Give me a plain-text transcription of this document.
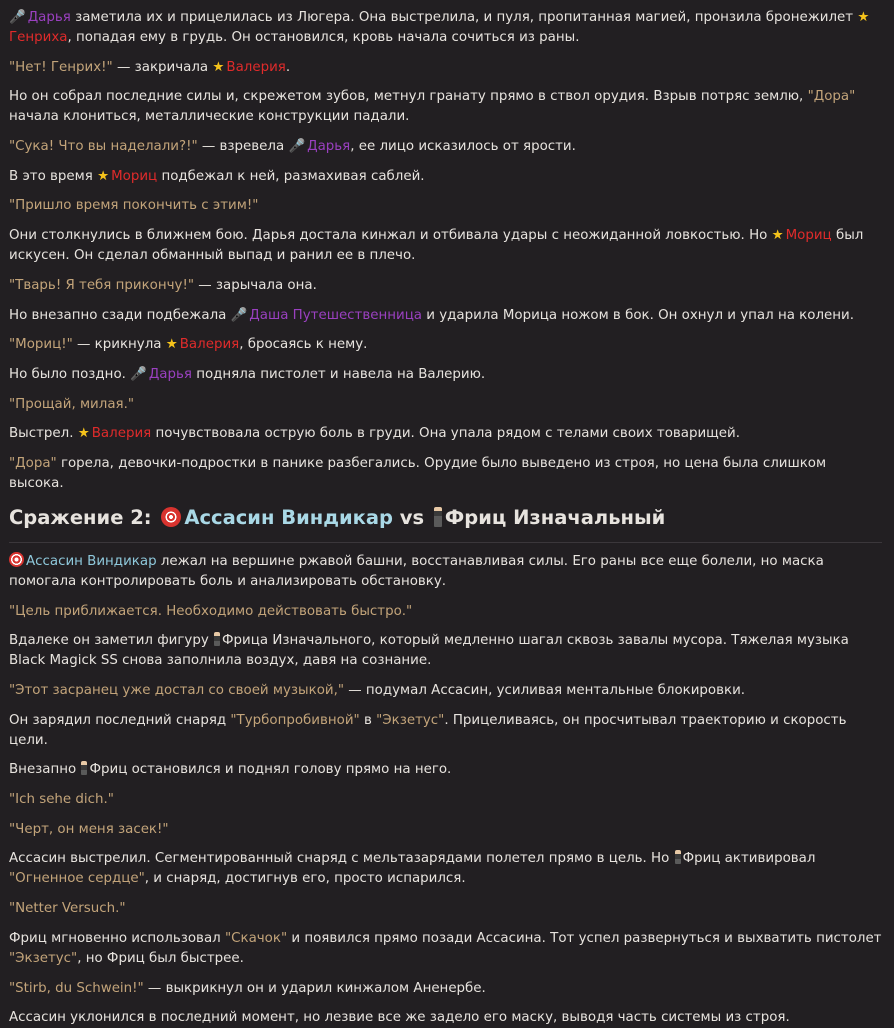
🎤 Дарья заметила их и прицелилась из Люгера. Она выстрелила, и пуля, пропитанная магией, пронзила бронежилет ★Генриха, попадая ему в грудь. Он остановился, кровь начала сочиться из раны.

"Нет! Генрих!" — закричала ★ Валерия.

Но он собрал последние силы и, скрежетом зубов, метнул гранату прямо в ствол орудия. Взрыв потряс землю, "Дора" начала клониться, металлические конструкции падали.

"Сука! Что вы наделали?!" — взревела 🎤 Дарья, ее лицо исказилось от ярости.

В это время ★ Мориц подбежал к ней, размахивая саблей.

"Пришло время покончить с этим!"

Они столкнулись в ближнем бою. Дарья достала кинжал и отбивала удары с неожиданной ловкостью. Но ★ Мориц был искусен. Он сделал обманный выпад и ранил ее в плечо.

"Тварь! Я тебя прикончу!" — зарычала она.

Но внезапно сзади подбежала 🎤 Даша Путешественница и ударила Морица ножом в бок. Он охнул и упал на колени.

"Мориц!" — крикнула ★ Валерия, бросаясь к нему.

Но было поздно. 🎤 Дарья подняла пистолет и навела на Валерию.

"Прощай, милая."

Выстрел. ★ Валерия почувствовала острую боль в груди. Она упала рядом с телами своих товарищей.

"Дора" горела, девочки-подростки в панике разбегались. Орудие было выведено из строя, но цена была слишком высока.

Сражение 2: Ассасин Виндикар vs Фриц Изначальный

Ассасин Виндикар лежал на вершине ржавой башни, восстанавливая силы. Его раны все еще болели, но маска помогала контролировать боль и анализировать обстановку.

"Цель приближается. Необходимо действовать быстро."

Вдалеке он заметил фигуру Фрица Изначального, который медленно шагал сквозь завалы мусора. Тяжелая музыка Black Magick SS снова заполнила воздух, давя на сознание.

"Этот засранец уже достал со своей музыкой," — подумал Ассасин, усиливая ментальные блокировки.

Он зарядил последний снаряд "Турбопробивной" в "Экзетус". Прицеливаясь, он просчитывал траекторию и скорость цели.

Внезапно Фриц остановился и поднял голову прямо на него.

"Ich sehe dich."

"Черт, он меня засек!"

Ассасин выстрелил. Сегментированный снаряд с мельтазарядами полетел прямо в цель. Но Фриц активировал "Огненное сердце", и снаряд, достигнув его, просто испарился.

"Netter Versuch."

Фриц мгновенно использовал "Скачок" и появился прямо позади Ассасина. Тот успел развернуться и выхватить пистолет "Экзетус", но Фриц был быстрее.

"Stirb, du Schwein!" — выкрикнул он и ударил кинжалом Аненербе.

Ассасин уклонился в последний момент, но лезвие все же задело его маску, выводя часть системы из строя.
